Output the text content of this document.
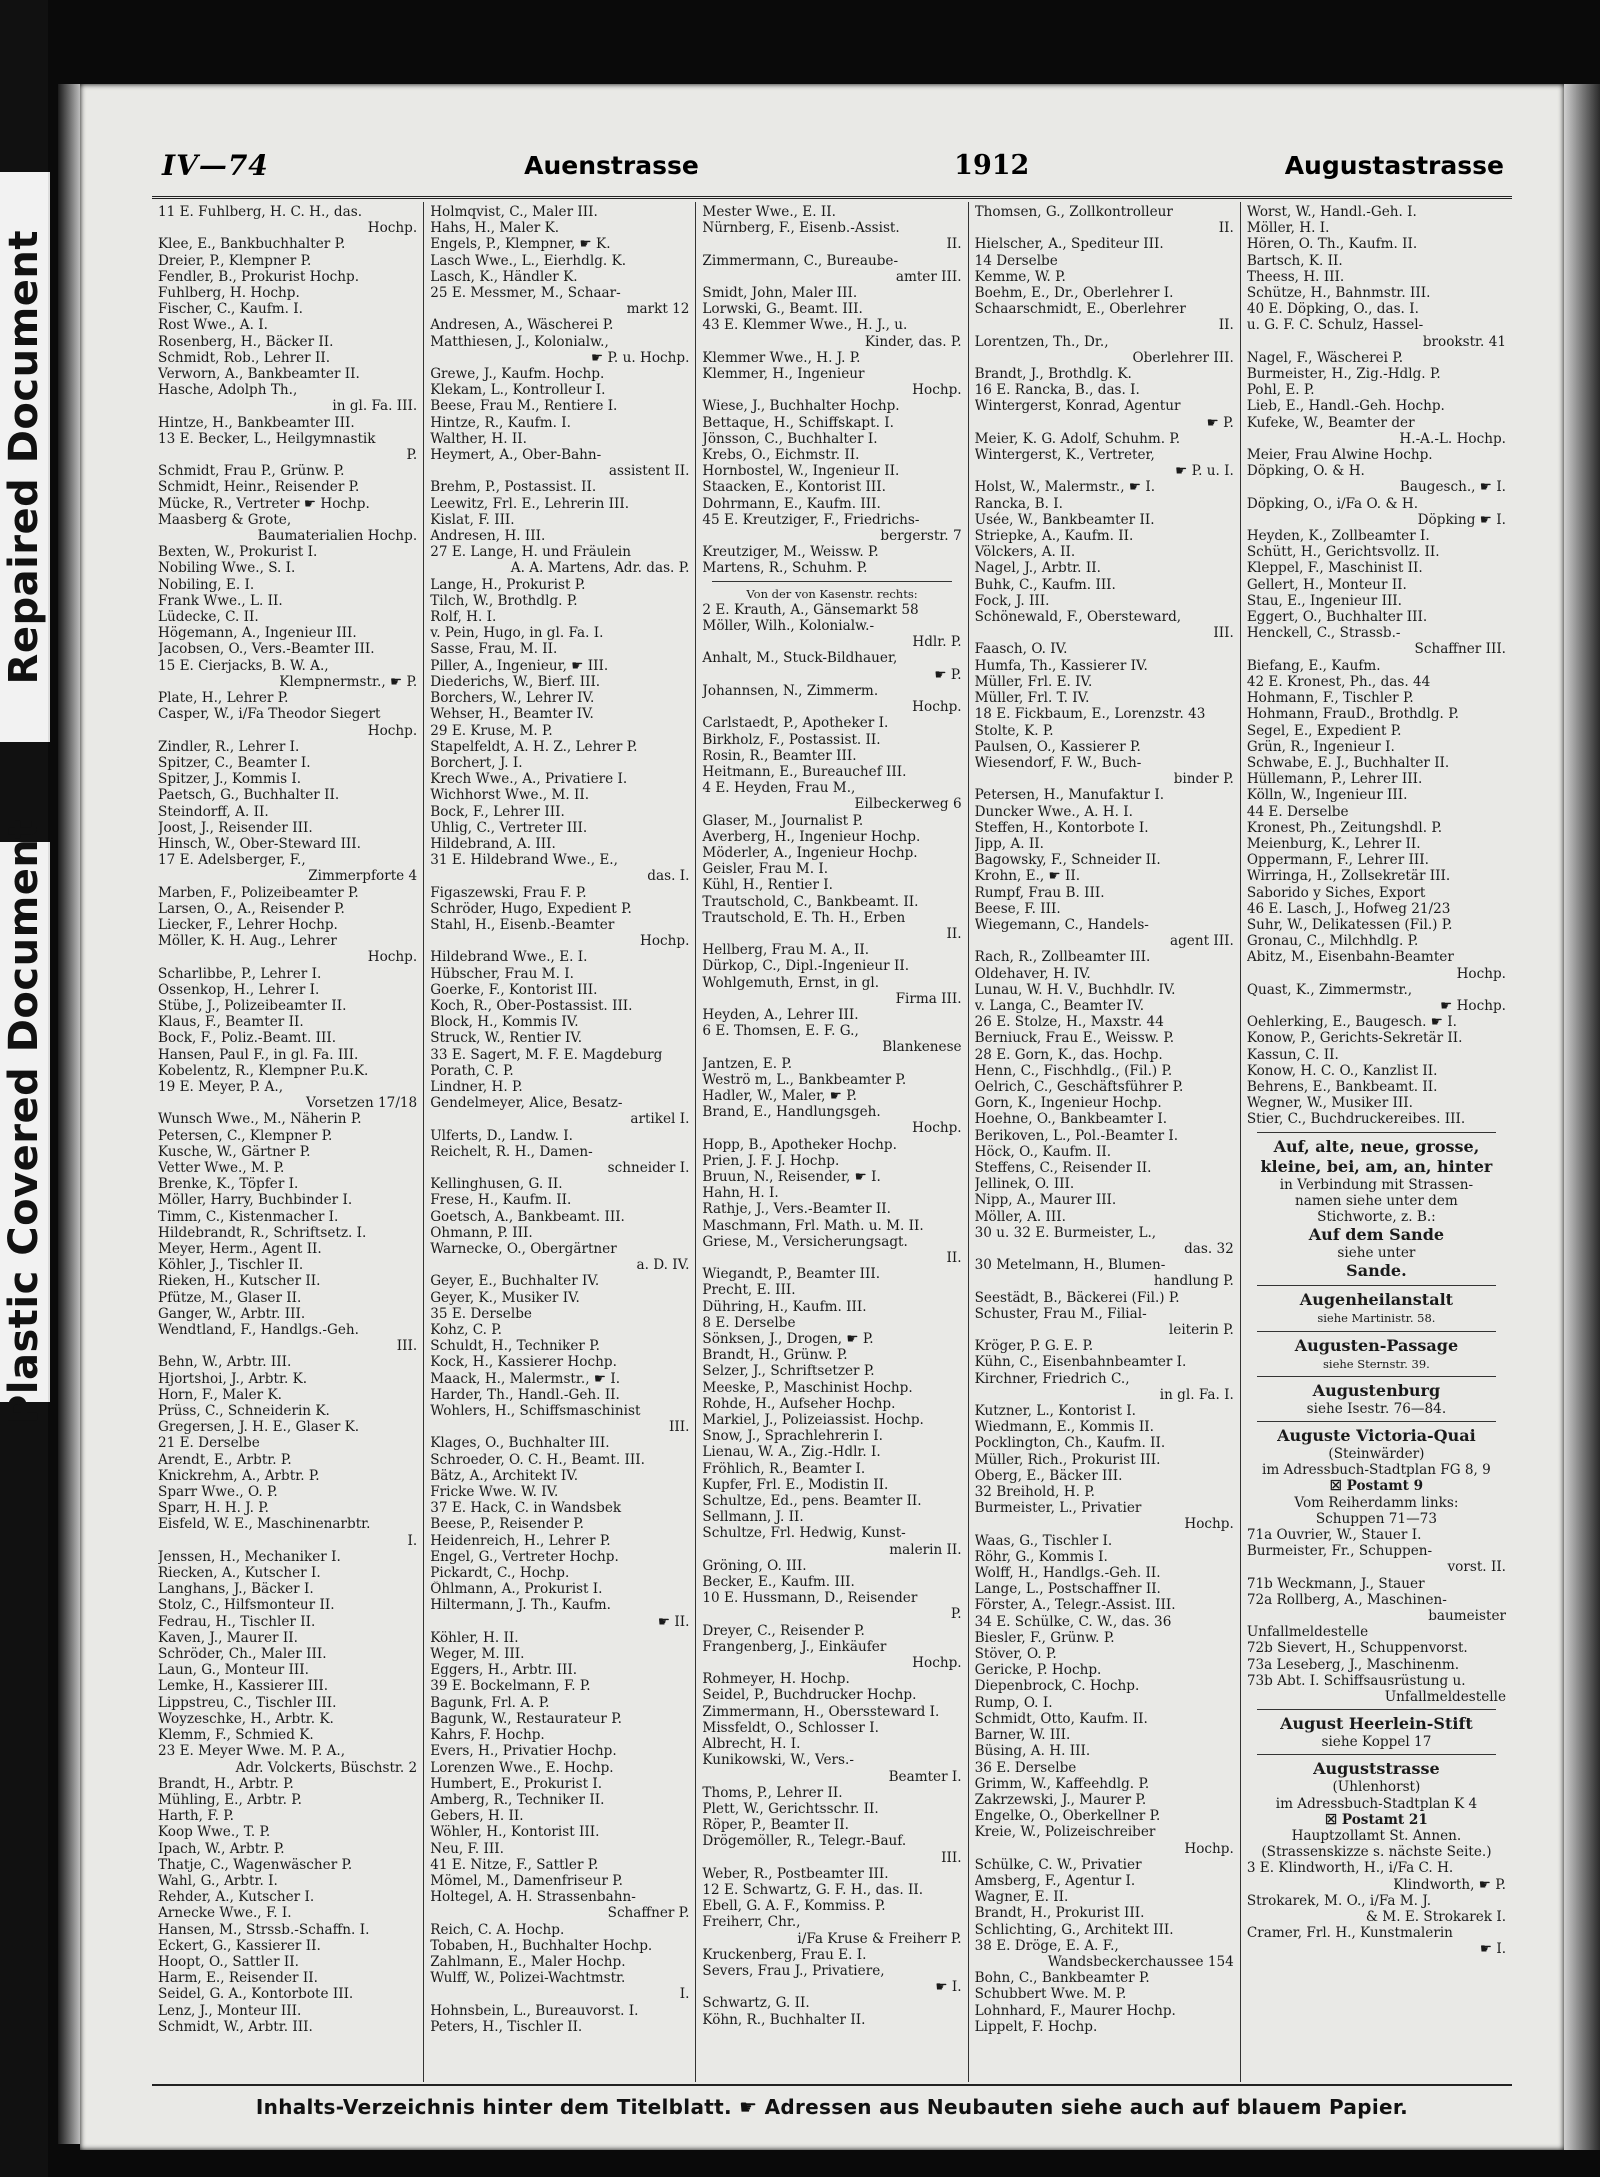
Repaired Document
Plastic Covered Document
IV—74	Auenstrasse	1912	Augustastrasse
11 E. Fuhlberg, H. C. H., das.
Hochp.
Klee, E., Bankbuchhalter P.
Dreier, P., Klempner P.
Fendler, B., Prokurist Hochp.
Fuhlberg, H. Hochp.
Fischer, C., Kaufm. I.
Rost Wwe., A. I.
Rosenberg, H., Bäcker II.
Schmidt, Rob., Lehrer II.
Verworn, A., Bankbeamter II.
Hasche, Adolph Th.,
in gl. Fa. III.
Hintze, H., Bankbeamter III.
13 E. Becker, L., Heilgymnastik
P.
Schmidt, Frau P., Grünw. P.
Schmidt, Heinr., Reisender P.
Mücke, R., Vertreter ☛ Hochp.
Maasberg & Grote,
Baumaterialien Hochp.
Bexten, W., Prokurist I.
Nobiling Wwe., S. I.
Nobiling, E. I.
Frank Wwe., L. II.
Lüdecke, C. II.
Högemann, A., Ingenieur III.
Jacobsen, O., Vers.-Beamter III.
15 E. Cierjacks, B. W. A.,
Klempnermstr., ☛ P.
Plate, H., Lehrer P.
Casper, W., i/Fa Theodor Siegert
Hochp.
Zindler, R., Lehrer I.
Spitzer, C., Beamter I.
Spitzer, J., Kommis I.
Paetsch, G., Buchhalter II.
Steindorff, A. II.
Joost, J., Reisender III.
Hinsch, W., Ober-Steward III.
17 E. Adelsberger, F.,
Zimmerpforte 4
Marben, F., Polizeibeamter P.
Larsen, O., A., Reisender P.
Liecker, F., Lehrer Hochp.
Möller, K. H. Aug., Lehrer
Hochp.
Scharlibbe, P., Lehrer I.
Ossenkop, H., Lehrer I.
Stübe, J., Polizeibeamter II.
Klaus, F., Beamter II.
Bock, F., Poliz.-Beamt. III.
Hansen, Paul F., in gl. Fa. III.
Kobelentz, R., Klempner P.u.K.
19 E. Meyer, P. A.,
Vorsetzen 17/18
Wunsch Wwe., M., Näherin P.
Petersen, C., Klempner P.
Kusche, W., Gärtner P.
Vetter Wwe., M. P.
Brenke, K., Töpfer I.
Möller, Harry, Buchbinder I.
Timm, C., Kistenmacher I.
Hildebrandt, R., Schriftsetz. I.
Meyer, Herm., Agent II.
Köhler, J., Tischler II.
Rieken, H., Kutscher II.
Pfütze, M., Glaser II.
Ganger, W., Arbtr. III.
Wendtland, F., Handlgs.-Geh.
III.
Behn, W., Arbtr. III.
Hjortshoi, J., Arbtr. K.
Horn, F., Maler K.
Prüss, C., Schneiderin K.
Gregersen, J. H. E., Glaser K.
21 E. Derselbe
Arendt, E., Arbtr. P.
Knickrehm, A., Arbtr. P.
Sparr Wwe., O. P.
Sparr, H. H. J. P.
Eisfeld, W. E., Maschinenarbtr.
I.
Jenssen, H., Mechaniker I.
Riecken, A., Kutscher I.
Langhans, J., Bäcker I.
Stolz, C., Hilfsmonteur II.
Fedrau, H., Tischler II.
Kaven, J., Maurer II.
Schröder, Ch., Maler III.
Laun, G., Monteur III.
Lemke, H., Kassierer III.
Lippstreu, C., Tischler III.
Woyzeschke, H., Arbtr. K.
Klemm, F., Schmied K.
23 E. Meyer Wwe. M. P. A.,
Adr. Volckerts, Büschstr. 2
Brandt, H., Arbtr. P.
Mühling, E., Arbtr. P.
Harth, F. P.
Koop Wwe., T. P.
Ipach, W., Arbtr. P.
Thatje, C., Wagenwäscher P.
Wahl, G., Arbtr. I.
Rehder, A., Kutscher I.
Arnecke Wwe., F. I.
Hansen, M., Strssb.-Schaffn. I.
Eckert, G., Kassierer II.
Hoopt, O., Sattler II.
Harm, E., Reisender II.
Seidel, G. A., Kontorbote III.
Lenz, J., Monteur III.
Schmidt, W., Arbtr. III.
Holmqvist, C., Maler III.
Hahs, H., Maler K.
Engels, P., Klempner, ☛ K.
Lasch Wwe., L., Eierhdlg. K.
Lasch, K., Händler K.
25 E. Messmer, M., Schaar-
markt 12
Andresen, A., Wäscherei P.
Matthiesen, J., Kolonialw.,
☛ P. u. Hochp.
Grewe, J., Kaufm. Hochp.
Klekam, L., Kontrolleur I.
Beese, Frau M., Rentiere I.
Hintze, R., Kaufm. I.
Walther, H. II.
Heymert, A., Ober-Bahn-
assistent II.
Brehm, P., Postassist. II.
Leewitz, Frl. E., Lehrerin III.
Kislat, F. III.
Andresen, H. III.
27 E. Lange, H. und Fräulein
A. A. Martens, Adr. das. P.
Lange, H., Prokurist P.
Tilch, W., Brothdlg. P.
Rolf, H. I.
v. Pein, Hugo, in gl. Fa. I.
Sasse, Frau, M. II.
Piller, A., Ingenieur, ☛ III.
Diederichs, W., Bierf. III.
Borchers, W., Lehrer IV.
Wehser, H., Beamter IV.
29 E. Kruse, M. P.
Stapelfeldt, A. H. Z., Lehrer P.
Borchert, J. I.
Krech Wwe., A., Privatiere I.
Wichhorst Wwe., M. II.
Bock, F., Lehrer III.
Uhlig, C., Vertreter III.
Hildebrand, A. III.
31 E. Hildebrand Wwe., E.,
das. I.
Figaszewski, Frau F. P.
Schröder, Hugo, Expedient P.
Stahl, H., Eisenb.-Beamter
Hochp.
Hildebrand Wwe., E. I.
Hübscher, Frau M. I.
Goerke, F., Kontorist III.
Koch, R., Ober-Postassist. III.
Block, H., Kommis IV.
Struck, W., Rentier IV.
33 E. Sagert, M. F. E. Magdeburg
Porath, C. P.
Lindner, H. P.
Gendelmeyer, Alice, Besatz-
artikel I.
Ulferts, D., Landw. I.
Reichelt, R. H., Damen-
schneider I.
Kellinghusen, G. II.
Frese, H., Kaufm. II.
Goetsch, A., Bankbeamt. III.
Ohmann, P. III.
Warnecke, O., Obergärtner
a. D. IV.
Geyer, E., Buchhalter IV.
Geyer, K., Musiker IV.
35 E. Derselbe
Kohz, C. P.
Schuldt, H., Techniker P.
Kock, H., Kassierer Hochp.
Maack, H., Malermstr., ☛ I.
Harder, Th., Handl.-Geh. II.
Wohlers, H., Schiffsmaschinist
III.
Klages, O., Buchhalter III.
Schroeder, O. C. H., Beamt. III.
Bätz, A., Architekt IV.
Fricke Wwe. W. IV.
37 E. Hack, C. in Wandsbek
Beese, P., Reisender P.
Heidenreich, H., Lehrer P.
Engel, G., Vertreter Hochp.
Pickardt, C., Hochp.
Öhlmann, A., Prokurist I.
Hiltermann, J. Th., Kaufm.
☛ II.
Köhler, H. II.
Weger, M. III.
Eggers, H., Arbtr. III.
39 E. Bockelmann, F. P.
Bagunk, Frl. A. P.
Bagunk, W., Restaurateur P.
Kahrs, F. Hochp.
Evers, H., Privatier Hochp.
Lorenzen Wwe., E. Hochp.
Humbert, E., Prokurist I.
Amberg, R., Techniker II.
Gebers, H. II.
Wöhler, H., Kontorist III.
Neu, F. III.
41 E. Nitze, F., Sattler P.
Mömel, M., Damenfriseur P.
Holtegel, A. H. Strassenbahn-
Schaffner P.
Reich, C. A. Hochp.
Tobaben, H., Buchhalter Hochp.
Zahlmann, E., Maler Hochp.
Wulff, W., Polizei-Wachtmstr.
I.
Hohnsbein, L., Bureauvorst. I.
Peters, H., Tischler II.
Mester Wwe., E. II.
Nürnberg, F., Eisenb.-Assist.
II.
Zimmermann, C., Bureaube-
amter III.
Smidt, John, Maler III.
Lorwski, G., Beamt. III.
43 E. Klemmer Wwe., H. J., u.
Kinder, das. P.
Klemmer Wwe., H. J. P.
Klemmer, H., Ingenieur
Hochp.
Wiese, J., Buchhalter Hochp.
Bettaque, H., Schiffskapt. I.
Jönsson, C., Buchhalter I.
Krebs, O., Eichmstr. II.
Hornbostel, W., Ingenieur II.
Staacken, E., Kontorist III.
Dohrmann, E., Kaufm. III.
45 E. Kreutziger, F., Friedrichs-
bergerstr. 7
Kreutziger, M., Weissw. P.
Martens, R., Schuhm. P.
Von der von Kasenstr. rechts:
2 E. Krauth, A., Gänsemarkt 58
Möller, Wilh., Kolonialw.-
Hdlr. P.
Anhalt, M., Stuck-Bildhauer,
☛ P.
Johannsen, N., Zimmerm.
Hochp.
Carlstaedt, P., Apotheker I.
Birkholz, F., Postassist. II.
Rosin, R., Beamter III.
Heitmann, E., Bureauchef III.
4 E. Heyden, Frau M.,
Eilbeckerweg 6
Glaser, M., Journalist P.
Averberg, H., Ingenieur Hochp.
Möderler, A., Ingenieur Hochp.
Geisler, Frau M. I.
Kühl, H., Rentier I.
Trautschold, C., Bankbeamt. II.
Trautschold, E. Th. H., Erben
II.
Hellberg, Frau M. A., II.
Dürkop, C., Dipl.-Ingenieur II.
Wohlgemuth, Ernst, in gl.
Firma III.
Heyden, A., Lehrer III.
6 E. Thomsen, E. F. G.,
Blankenese
Jantzen, E. P.
Weströ m, L., Bankbeamter P.
Hadler, W., Maler, ☛ P.
Brand, E., Handlungsgeh.
Hochp.
Hopp, B., Apotheker Hochp.
Prien, J. F. J. Hochp.
Bruun, N., Reisender, ☛ I.
Hahn, H. I.
Rathje, J., Vers.-Beamter II.
Maschmann, Frl. Math. u. M. II.
Griese, M., Versicherungsagt.
II.
Wiegandt, P., Beamter III.
Precht, E. III.
Dühring, H., Kaufm. III.
8 E. Derselbe
Sönksen, J., Drogen, ☛ P.
Brandt, H., Grünw. P.
Selzer, J., Schriftsetzer P.
Meeske, P., Maschinist Hochp.
Rohde, H., Aufseher Hochp.
Markiel, J., Polizeiassist. Hochp.
Snow, J., Sprachlehrerin I.
Lienau, W. A., Zig.-Hdlr. I.
Fröhlich, R., Beamter I.
Kupfer, Frl. E., Modistin II.
Schultze, Ed., pens. Beamter II.
Sellmann, J. II.
Schultze, Frl. Hedwig, Kunst-
malerin II.
Gröning, O. III.
Becker, E., Kaufm. III.
10 E. Hussmann, D., Reisender
P.
Dreyer, C., Reisender P.
Frangenberg, J., Einkäufer
Hochp.
Rohmeyer, H. Hochp.
Seidel, P., Buchdrucker Hochp.
Zimmermann, H., Oberssteward I.
Missfeldt, O., Schlosser I.
Albrecht, H. I.
Kunikowski, W., Vers.-
Beamter I.
Thoms, P., Lehrer II.
Plett, W., Gerichtsschr. II.
Röper, P., Beamter II.
Drögemöller, R., Telegr.-Bauf.
III.
Weber, R., Postbeamter III.
12 E. Schwartz, G. F. H., das. II.
Ebell, G. A. F., Kommiss. P.
Freiherr, Chr.,
i/Fa Kruse & Freiherr P.
Kruckenberg, Frau E. I.
Severs, Frau J., Privatiere,
☛ I.
Schwartz, G. II.
Köhn, R., Buchhalter II.
Thomsen, G., Zollkontrolleur
II.
Hielscher, A., Spediteur III.
14 Derselbe
Kemme, W. P.
Boehm, E., Dr., Oberlehrer I.
Schaarschmidt, E., Oberlehrer
II.
Lorentzen, Th., Dr.,
Oberlehrer III.
Brandt, J., Brothdlg. K.
16 E. Rancka, B., das. I.
Wintergerst, Konrad, Agentur
☛ P.
Meier, K. G. Adolf, Schuhm. P.
Wintergerst, K., Vertreter,
☛ P. u. I.
Holst, W., Malermstr., ☛ I.
Rancka, B. I.
Usée, W., Bankbeamter II.
Striepke, A., Kaufm. II.
Völckers, A. II.
Nagel, J., Arbtr. II.
Buhk, C., Kaufm. III.
Fock, J. III.
Schönewald, F., Obersteward,
III.
Faasch, O. IV.
Humfa, Th., Kassierer IV.
Müller, Frl. E. IV.
Müller, Frl. T. IV.
18 E. Fickbaum, E., Lorenzstr. 43
Stolte, K. P.
Paulsen, O., Kassierer P.
Wiesendorf, F. W., Buch-
binder P.
Petersen, H., Manufaktur I.
Duncker Wwe., A. H. I.
Steffen, H., Kontorbote I.
Jipp, A. II.
Bagowsky, F., Schneider II.
Krohn, E., ☛ II.
Rumpf, Frau B. III.
Beese, F. III.
Wiegemann, C., Handels-
agent III.
Rach, R., Zollbeamter III.
Oldehaver, H. IV.
Lunau, W. H. V., Buchhdlr. IV.
v. Langa, C., Beamter IV.
26 E. Stolze, H., Maxstr. 44
Berniuck, Frau E., Weissw. P.
28 E. Gorn, K., das. Hochp.
Henn, C., Fischhdlg., (Fil.) P.
Oelrich, C., Geschäftsführer P.
Gorn, K., Ingenieur Hochp.
Hoehne, O., Bankbeamter I.
Berikoven, L., Pol.-Beamter I.
Höck, O., Kaufm. II.
Steffens, C., Reisender II.
Jellinek, O. III.
Nipp, A., Maurer III.
Möller, A. III.
30 u. 32 E. Burmeister, L.,
das. 32
30 Metelmann, H., Blumen-
handlung P.
Seestädt, B., Bäckerei (Fil.) P.
Schuster, Frau M., Filial-
leiterin P.
Kröger, P. G. E. P.
Kühn, C., Eisenbahnbeamter I.
Kirchner, Friedrich C.,
in gl. Fa. I.
Kutzner, L., Kontorist I.
Wiedmann, E., Kommis II.
Pocklington, Ch., Kaufm. II.
Müller, Rich., Prokurist III.
Oberg, E., Bäcker III.
32 Breihold, H. P.
Burmeister, L., Privatier
Hochp.
Waas, G., Tischler I.
Röhr, G., Kommis I.
Wolff, H., Handlgs.-Geh. II.
Lange, L., Postschaffner II.
Förster, A., Telegr.-Assist. III.
34 E. Schülke, C. W., das. 36
Biesler, F., Grünw. P.
Stöver, O. P.
Gericke, P. Hochp.
Diepenbrock, C. Hochp.
Rump, O. I.
Schmidt, Otto, Kaufm. II.
Barner, W. III.
Büsing, A. H. III.
36 E. Derselbe
Grimm, W., Kaffeehdlg. P.
Zakrzewski, J., Maurer P.
Engelke, O., Oberkellner P.
Kreie, W., Polizeischreiber
Hochp.
Schülke, C. W., Privatier
Amsberg, F., Agentur I.
Wagner, E. II.
Brandt, H., Prokurist III.
Schlichting, G., Architekt III.
38 E. Dröge, E. A. F.,
Wandsbeckerchaussee 154
Bohn, C., Bankbeamter P.
Schubbert Wwe. M. P.
Lohnhard, F., Maurer Hochp.
Lippelt, F. Hochp.
Worst, W., Handl.-Geh. I.
Möller, H. I.
Hören, O. Th., Kaufm. II.
Bartsch, K. II.
Theess, H. III.
Schütze, H., Bahnmstr. III.
40 E. Döpking, O., das. I.
u. G. F. C. Schulz, Hassel-
brookstr. 41
Nagel, F., Wäscherei P.
Burmeister, H., Zig.-Hdlg. P.
Pohl, E. P.
Lieb, E., Handl.-Geh. Hochp.
Kufeke, W., Beamter der
H.-A.-L. Hochp.
Meier, Frau Alwine Hochp.
Döpking, O. & H.
Baugesch., ☛ I.
Döpking, O., i/Fa O. & H.
Döpking ☛ I.
Heyden, K., Zollbeamter I.
Schütt, H., Gerichtsvollz. II.
Kleppel, F., Maschinist II.
Gellert, H., Monteur II.
Stau, E., Ingenieur III.
Eggert, O., Buchhalter III.
Henckell, C., Strassb.-
Schaffner III.
Biefang, E., Kaufm.
42 E. Kronest, Ph., das. 44
Hohmann, F., Tischler P.
Hohmann, FrauD., Brothdlg. P.
Segel, E., Expedient P.
Grün, R., Ingenieur I.
Schwabe, E. J., Buchhalter II.
Hüllemann, P., Lehrer III.
Kölln, W., Ingenieur III.
44 E. Derselbe
Kronest, Ph., Zeitungshdl. P.
Meienburg, K., Lehrer II.
Oppermann, F., Lehrer III.
Wirringa, H., Zollsekretär III.
Saborido y Siches, Export
46 E. Lasch, J., Hofweg 21/23
Suhr, W., Delikatessen (Fil.) P.
Gronau, C., Milchhdlg. P.
Abitz, M., Eisenbahn-Beamter
Hochp.
Quast, K., Zimmermstr.,
☛ Hochp.
Oehlerking, E., Baugesch. ☛ I.
Konow, P., Gerichts-Sekretär II.
Kassun, C. II.
Konow, H. C. O., Kanzlist II.
Behrens, E., Bankbeamt. II.
Wegner, W., Musiker III.
Stier, C., Buchdruckereibes. III.
Auf, alte, neue, grosse,
kleine, bei, am, an, hinter
in Verbindung mit Strassen-
namen siehe unter dem
Stichworte, z. B.:
Auf dem Sande
siehe unter
Sande.
Augenheilanstalt
siehe Martinistr. 58.
Augusten-Passage
siehe Sternstr. 39.
Augustenburg
siehe Isestr. 76—84.
Auguste Victoria-Quai
(Steinwärder)
im Adressbuch-Stadtplan FG 8, 9
☒ Postamt 9
Vom Reiherdamm links:
Schuppen 71—73
71a Ouvrier, W., Stauer I.
Burmeister, Fr., Schuppen-
vorst. II.
71b Weckmann, J., Stauer
72a Rollberg, A., Maschinen-
baumeister
Unfallmeldestelle
72b Sievert, H., Schuppenvorst.
73a Leseberg, J., Maschinenm.
73b Abt. I. Schiffsausrüstung u.
Unfallmeldestelle
August Heerlein-Stift
siehe Koppel 17
Auguststrasse
(Uhlenhorst)
im Adressbuch-Stadtplan K 4
☒ Postamt 21
Hauptzollamt St. Annen.
(Strassenskizze s. nächste Seite.)
3 E. Klindworth, H., i/Fa C. H.
Klindworth, ☛ P.
Strokarek, M. O., i/Fa M. J.
& M. E. Strokarek I.
Cramer, Frl. H., Kunstmalerin
☛ I.
Inhalts-Verzeichnis hinter dem Titelblatt. ☛ Adressen aus Neubauten siehe auch auf blauem Papier.
